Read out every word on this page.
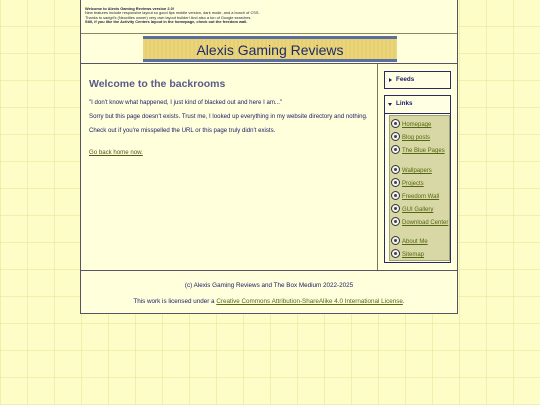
Welcome to Alexis Gaming Reviews version 2.0!
New features include responsive layout so good tips mobile version, dark mode, and a bunch of CSS.
Thanks to sadgrl's (Neocities owner) very own layout builder! And also a ton of Google searches.
Still, if you like the Activity Centers layout in the homepage, check out the freedom wall.
Alexis Gaming Reviews
Welcome to the backrooms

"I don't know what happened, I just kind of blacked out and here I am..."

Sorry but this page doesn't exists. Trust me, I looked up everything in my website directory and nothing.

Check out if you're misspelled the URL or this page truly didn't exists.

Go back home now.
Feeds
Links
Homepage
Blog posts
The Blue Pages
Wallpapers
Projects
Freedom Wall
GUI Gallery
Download Center
About Me
Sitemap

(c) Alexis Gaming Reviews and The Box Medium 2022-2025

This work is licensed under a Creative Commons Attribution-ShareAlike 4.0 International License.
